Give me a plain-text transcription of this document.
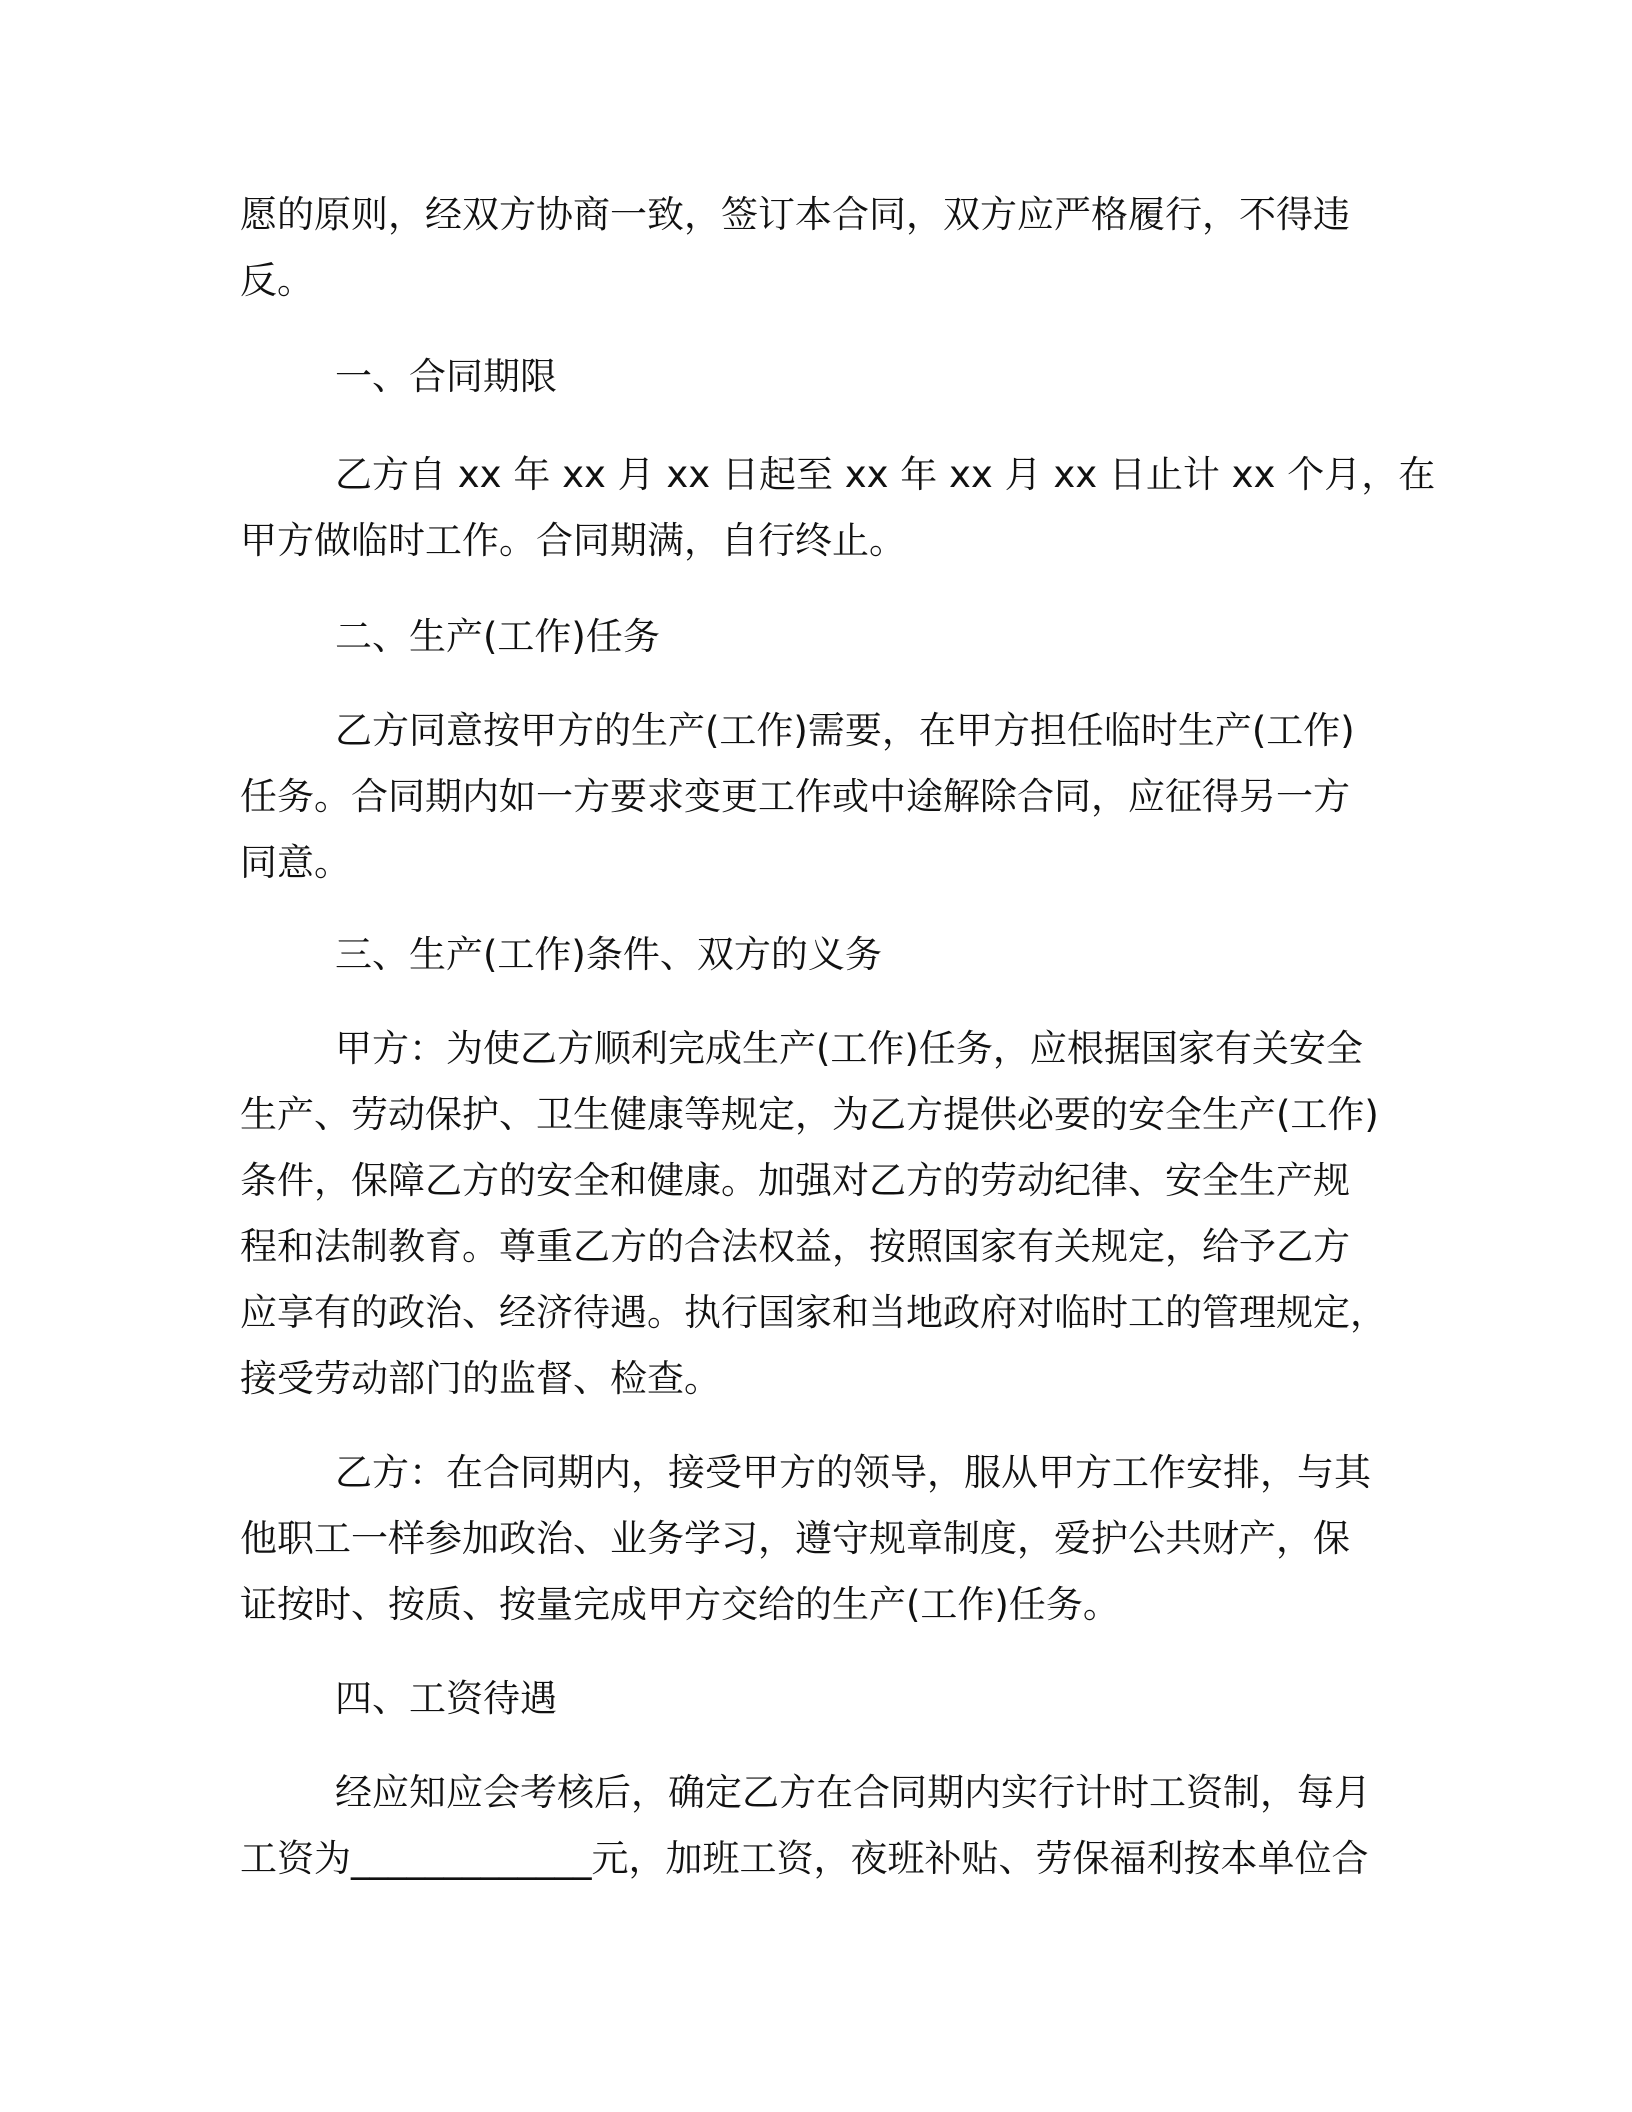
愿的原则，经双方协商一致，签订本合同，双方应严格履行，不得违
反。
一、合同期限
乙方自 xx 年 xx 月 xx 日起至 xx 年 xx 月 xx 日止计 xx 个月，在
甲方做临时工作。合同期满，自行终止。
二、生产(工作)任务
乙方同意按甲方的生产(工作)需要，在甲方担任临时生产(工作)
任务。合同期内如一方要求变更工作或中途解除合同，应征得另一方
同意。
三、生产(工作)条件、双方的义务
甲方：为使乙方顺利完成生产(工作)任务，应根据国家有关安全
生产、劳动保护、卫生健康等规定，为乙方提供必要的安全生产(工作)
条件，保障乙方的安全和健康。加强对乙方的劳动纪律、安全生产规
程和法制教育。尊重乙方的合法权益，按照国家有关规定，给予乙方
应享有的政治、经济待遇。执行国家和当地政府对临时工的管理规定，
接受劳动部门的监督、检查。
乙方：在合同期内，接受甲方的领导，服从甲方工作安排，与其
他职工一样参加政治、业务学习，遵守规章制度，爱护公共财产，保
证按时、按质、按量完成甲方交给的生产(工作)任务。
四、工资待遇
经应知应会考核后，确定乙方在合同期内实行计时工资制，每月
工资为_____________元，加班工资，夜班补贴、劳保福利按本单位合
